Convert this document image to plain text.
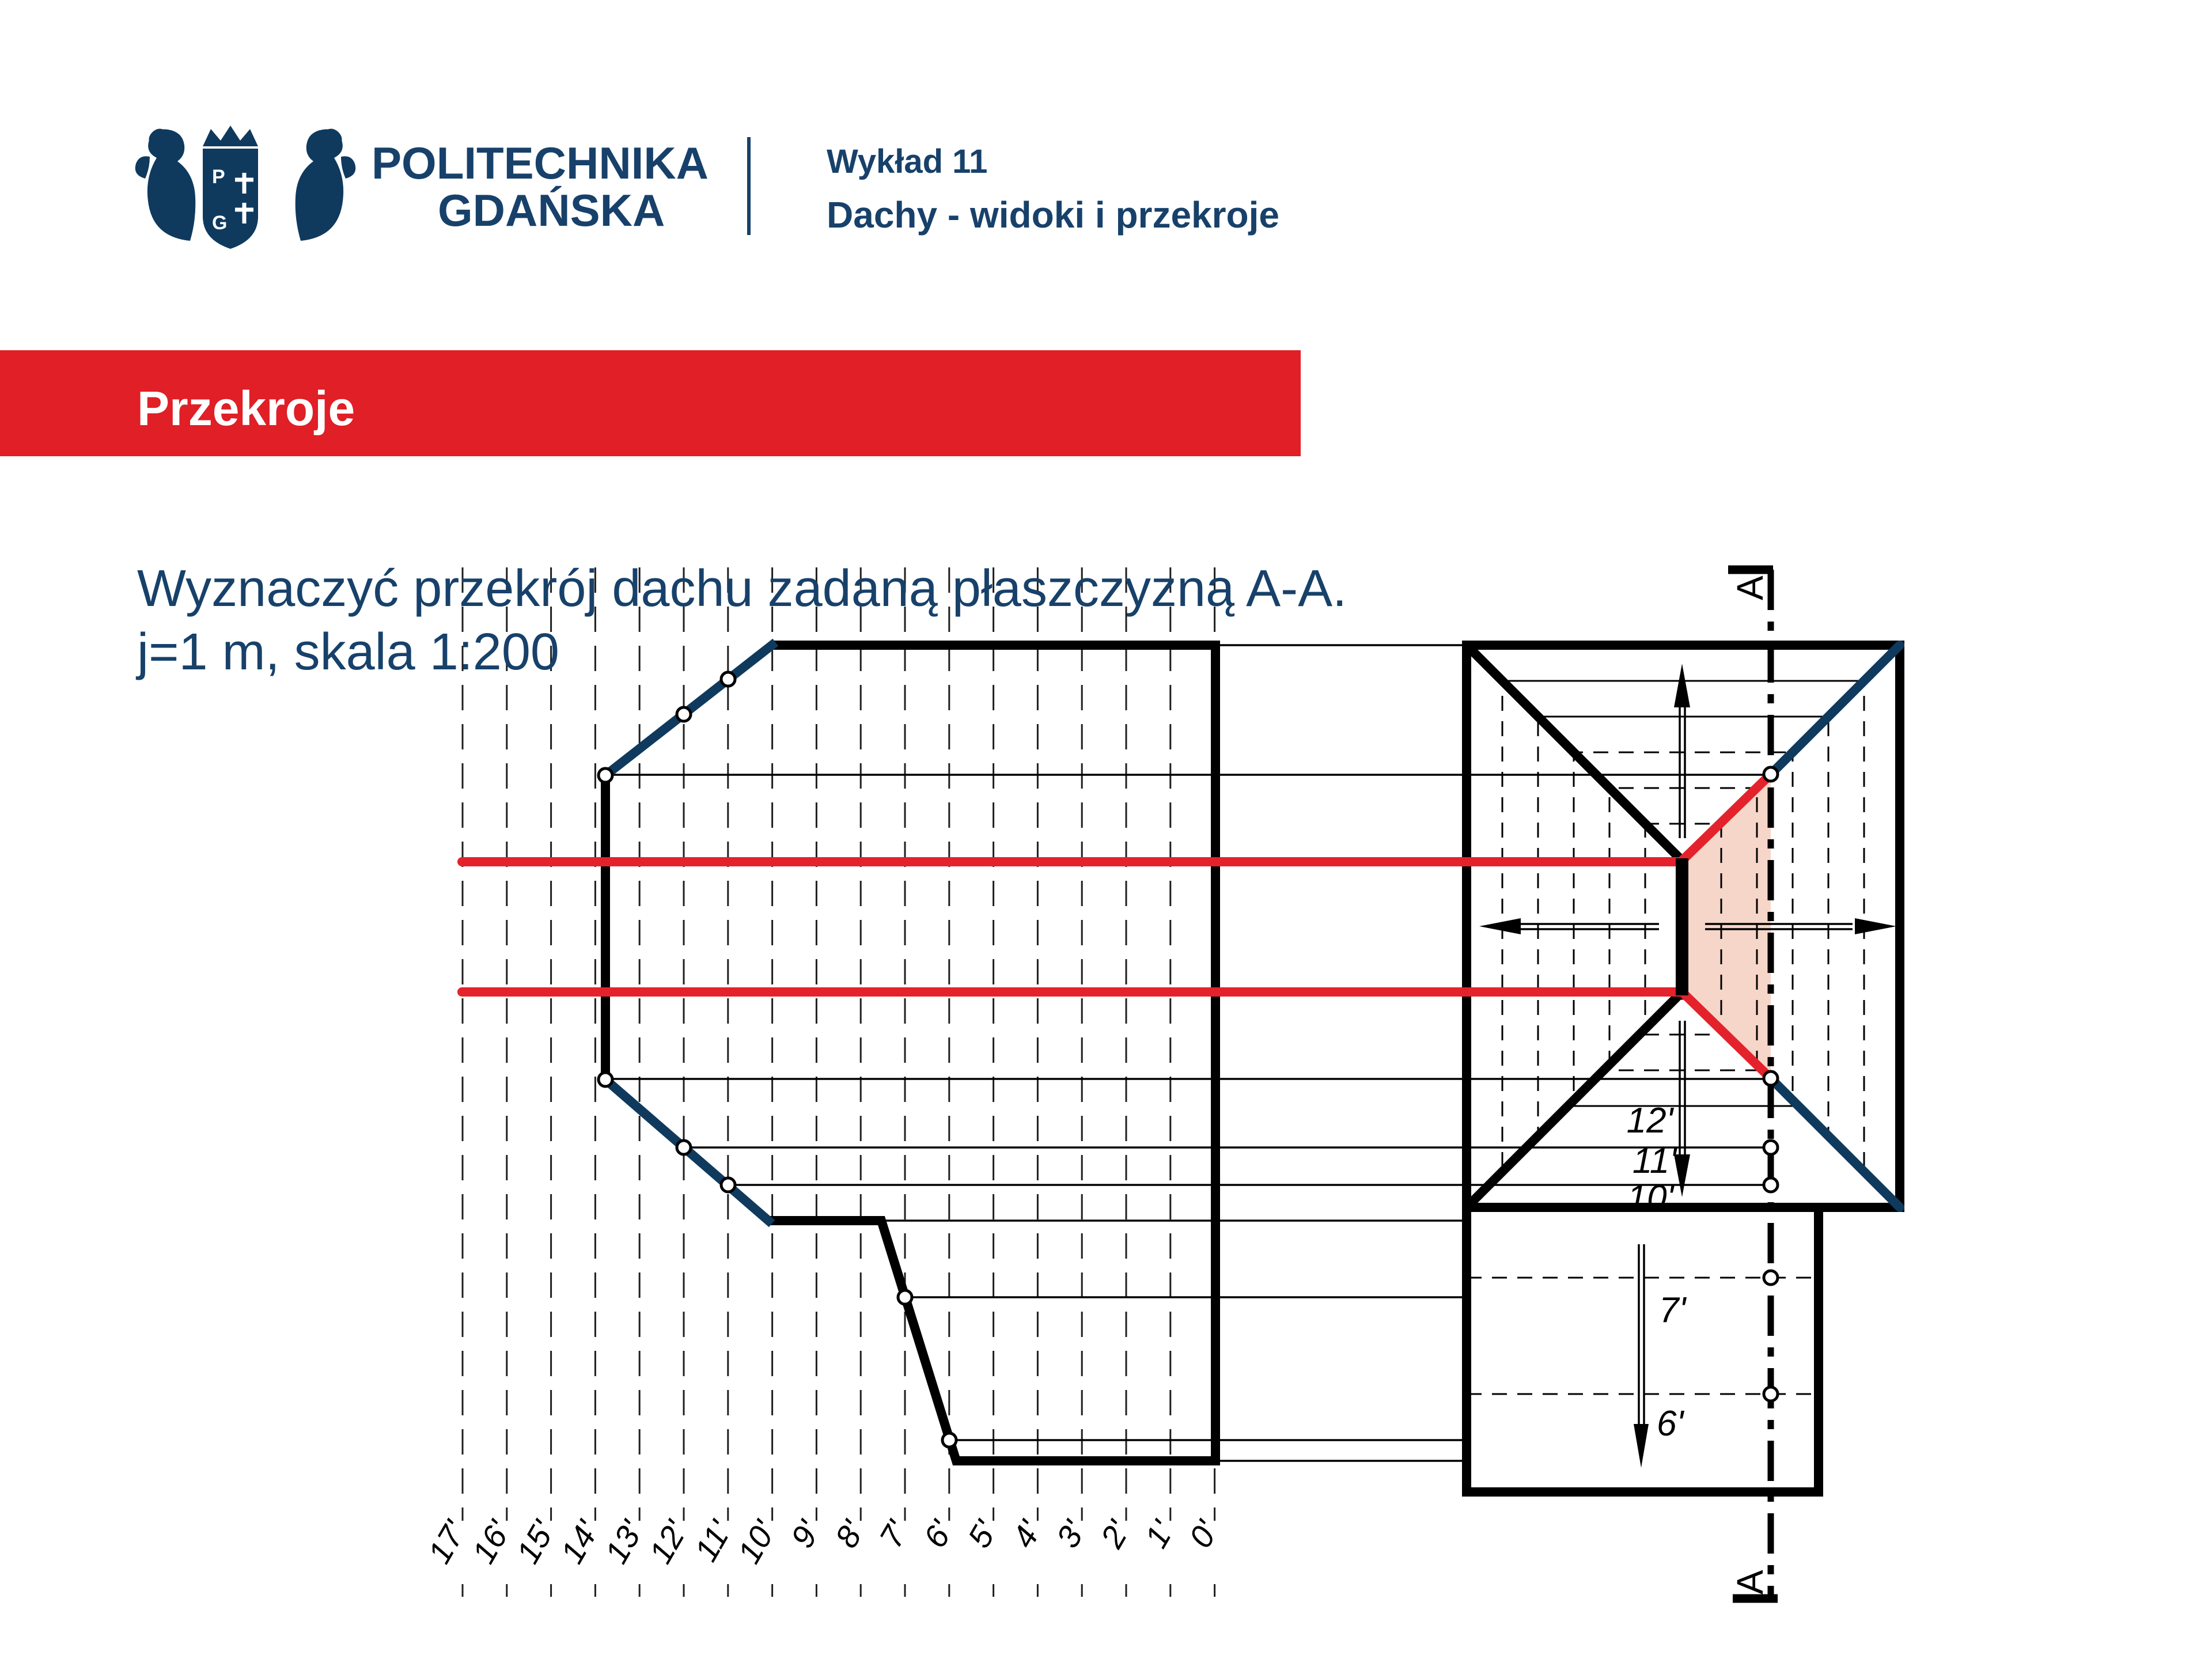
P
G
POLITECHNIKA
GDAŃSKA
Wykład 11
Dachy - widoki i przekroje
Przekroje
17'
16'
15'
14'
13'
12'
11'
10' 9' 8' 7' 6' 5' 4' 3' 2' 1' 0'
A
A
12'
11'
10'
7'
6'
Wyznaczyć przekrój dachu zadaną płaszczyzną A-A.
j=1 m, skala 1:200
